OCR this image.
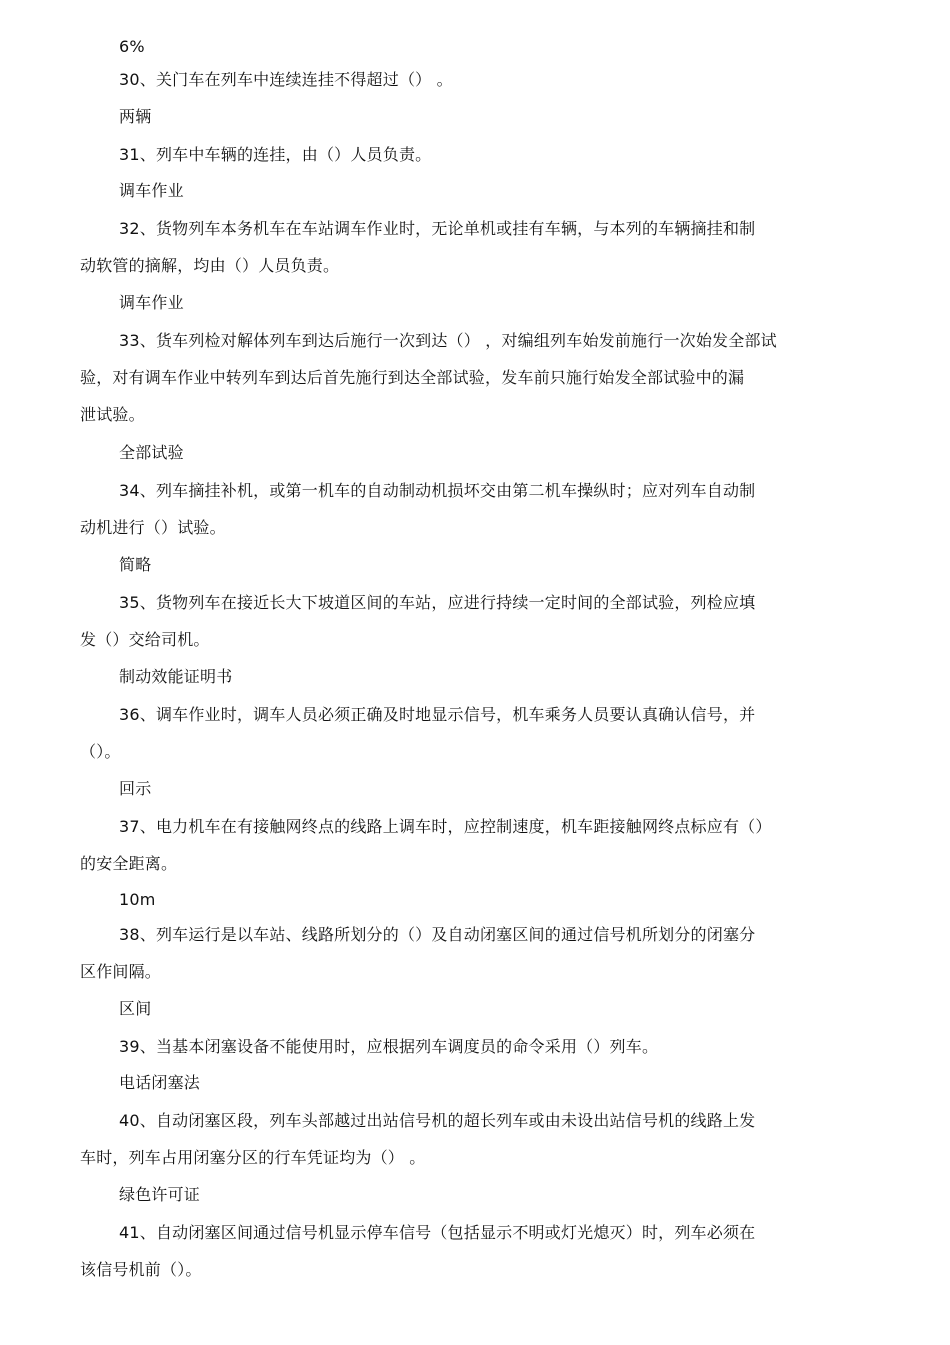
6%

30、关门车在列车中连续连挂不得超过（） 。

两辆

31、列车中车辆的连挂，由（）人员负责。

调车作业

32、货物列车本务机车在车站调车作业时，无论单机或挂有车辆，与本列的车辆摘挂和制

动软管的摘解，均由（）人员负责。

调车作业

33、货车列检对解体列车到达后施行一次到达（） ，对编组列车始发前施行一次始发全部试

验，对有调车作业中转列车到达后首先施行到达全部试验，发车前只施行始发全部试验中的漏

泄试验。

全部试验

34、列车摘挂补机，或第一机车的自动制动机损坏交由第二机车操纵时；应对列车自动制

动机进行（）试验。

简略

35、货物列车在接近长大下坡道区间的车站，应进行持续一定时间的全部试验，列检应填

发（）交给司机。

制动效能证明书

36、调车作业时，调车人员必须正确及时地显示信号，机车乘务人员要认真确认信号，并

（）。

回示

37、电力机车在有接触网终点的线路上调车时，应控制速度，机车距接触网终点标应有（）

的安全距离。

10m

38、列车运行是以车站、线路所划分的（）及自动闭塞区间的通过信号机所划分的闭塞分

区作间隔。

区间

39、当基本闭塞设备不能使用时，应根据列车调度员的命令采用（）列车。

电话闭塞法

40、自动闭塞区段，列车头部越过出站信号机的超长列车或由未设出站信号机的线路上发

车时，列车占用闭塞分区的行车凭证均为（） 。

绿色许可证

41、自动闭塞区间通过信号机显示停车信号（包括显示不明或灯光熄灭）时，列车必须在

该信号机前（）。
